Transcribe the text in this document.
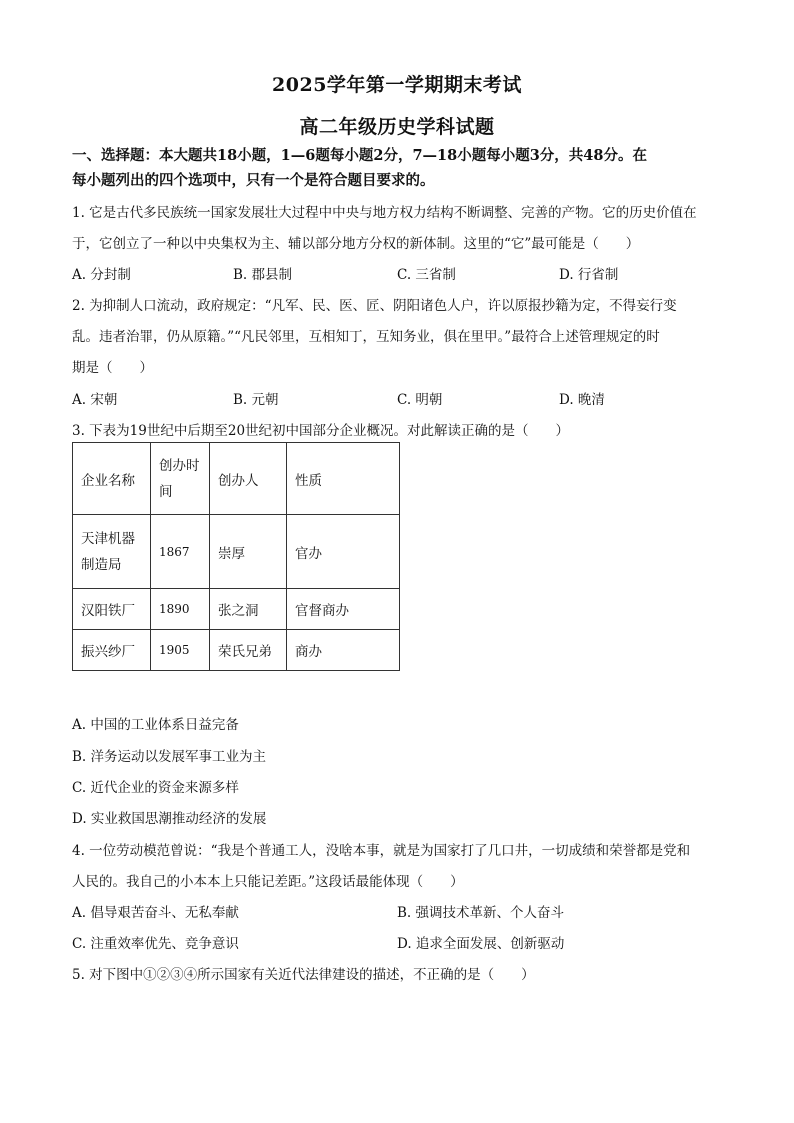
2025学年第一学期期末考试
高二年级历史学科试题
一、选择题：本大题共18小题，1—6题每小题2分，7—18小题每小题3分，共48分。在
每小题列出的四个选项中，只有一个是符合题目要求的。
1. 它是古代多民族统一国家发展壮大过程中中央与地方权力结构不断调整、完善的产物。它的历史价值在
于，它创立了一种以中央集权为主、辅以部分地方分权的新体制。这里的“它”最可能是（　　）
A. 分封制	B. 郡县制	C. 三省制	D. 行省制
2. 为抑制人口流动，政府规定：“凡军、民、医、匠、阴阳诸色人户，许以原报抄籍为定，不得妄行变
乱。违者治罪，仍从原籍。”“凡民邻里，互相知丁，互知务业，俱在里甲。”最符合上述管理规定的时
期是（　　）
A. 宋朝	B. 元朝	C. 明朝	D. 晚清
3. 下表为19世纪中后期至20世纪初中国部分企业概况。对此解读正确的是（　　）
企业名称	创办时间	创办人	性质
天津机器制造局	1867	崇厚	官办
汉阳铁厂	1890	张之洞	官督商办
振兴纱厂	1905	荣氏兄弟	商办
A. 中国的工业体系日益完备
B. 洋务运动以发展军事工业为主
C. 近代企业的资金来源多样
D. 实业救国思潮推动经济的发展
4. 一位劳动模范曾说：“我是个普通工人，没啥本事，就是为国家打了几口井，一切成绩和荣誉都是党和
人民的。我自己的小本本上只能记差距。”这段话最能体现（　　）
A. 倡导艰苦奋斗、无私奉献	B. 强调技术革新、个人奋斗
C. 注重效率优先、竞争意识	D. 追求全面发展、创新驱动
5. 对下图中①②③④所示国家有关近代法律建设的描述，不正确的是（　　）
